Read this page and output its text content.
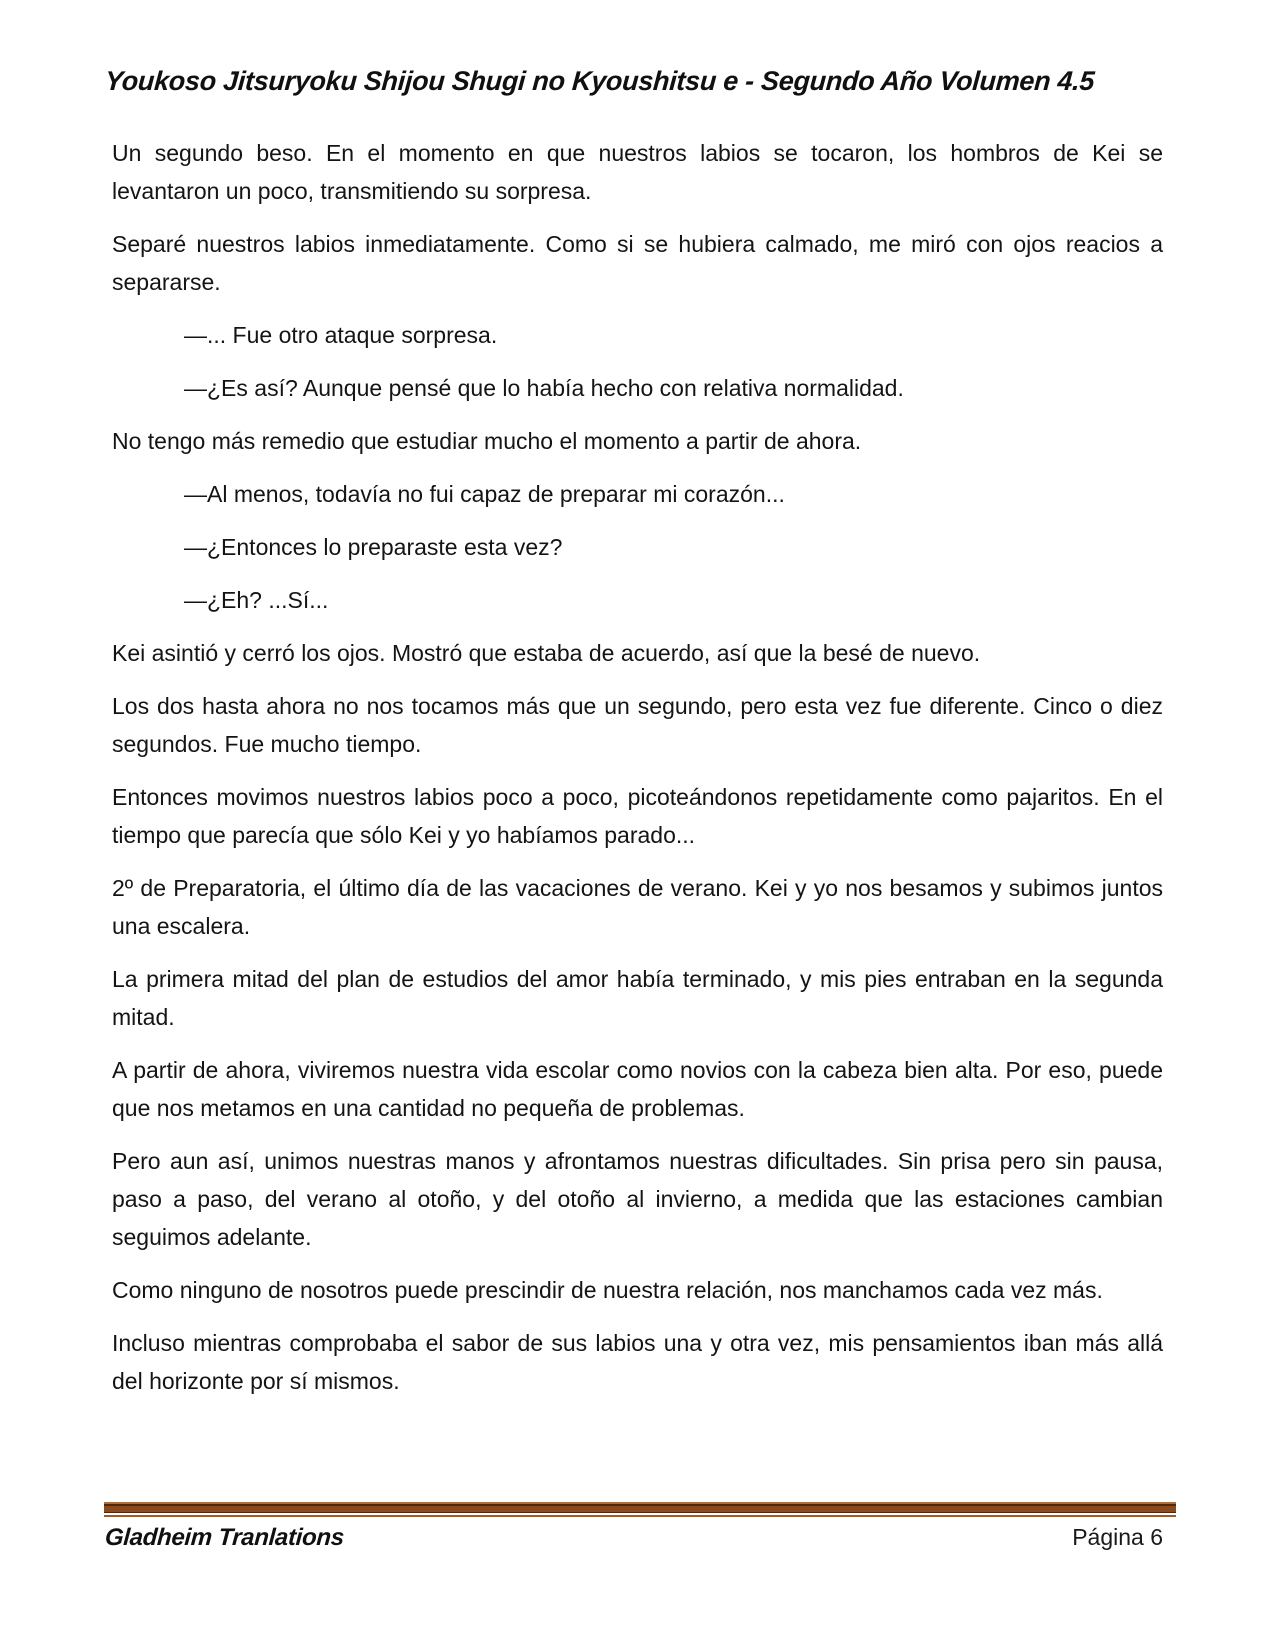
Youkoso Jitsuryoku Shijou Shugi no Kyoushitsu e - Segundo Año Volumen 4.5

Un segundo beso. En el momento en que nuestros labios se tocaron, los hombros de Kei se levantaron un poco, transmitiendo su sorpresa.

Separé nuestros labios inmediatamente. Como si se hubiera calmado, me miró con ojos reacios a separarse.

—... Fue otro ataque sorpresa.

—¿Es así? Aunque pensé que lo había hecho con relativa normalidad.

No tengo más remedio que estudiar mucho el momento a partir de ahora.

—Al menos, todavía no fui capaz de preparar mi corazón...

—¿Entonces lo preparaste esta vez?

—¿Eh? ...Sí...

Kei asintió y cerró los ojos. Mostró que estaba de acuerdo, así que la besé de nuevo.

Los dos hasta ahora no nos tocamos más que un segundo, pero esta vez fue diferente. Cinco o diez segundos. Fue mucho tiempo.

Entonces movimos nuestros labios poco a poco, picoteándonos repetidamente como pajaritos. En el tiempo que parecía que sólo Kei y yo habíamos parado...

2º de Preparatoria, el último día de las vacaciones de verano. Kei y yo nos besamos y subimos juntos una escalera.

La primera mitad del plan de estudios del amor había terminado, y mis pies entraban en la segunda mitad.

A partir de ahora, viviremos nuestra vida escolar como novios con la cabeza bien alta. Por eso, puede que nos metamos en una cantidad no pequeña de problemas.

Pero aun así, unimos nuestras manos y afrontamos nuestras dificultades. Sin prisa pero sin pausa, paso a paso, del verano al otoño, y del otoño al invierno, a medida que las estaciones cambian seguimos adelante.

Como ninguno de nosotros puede prescindir de nuestra relación, nos manchamos cada vez más.

Incluso mientras comprobaba el sabor de sus labios una y otra vez, mis pensamientos iban más allá del horizonte por sí mismos.

Gladheim Tranlations	Página 6
